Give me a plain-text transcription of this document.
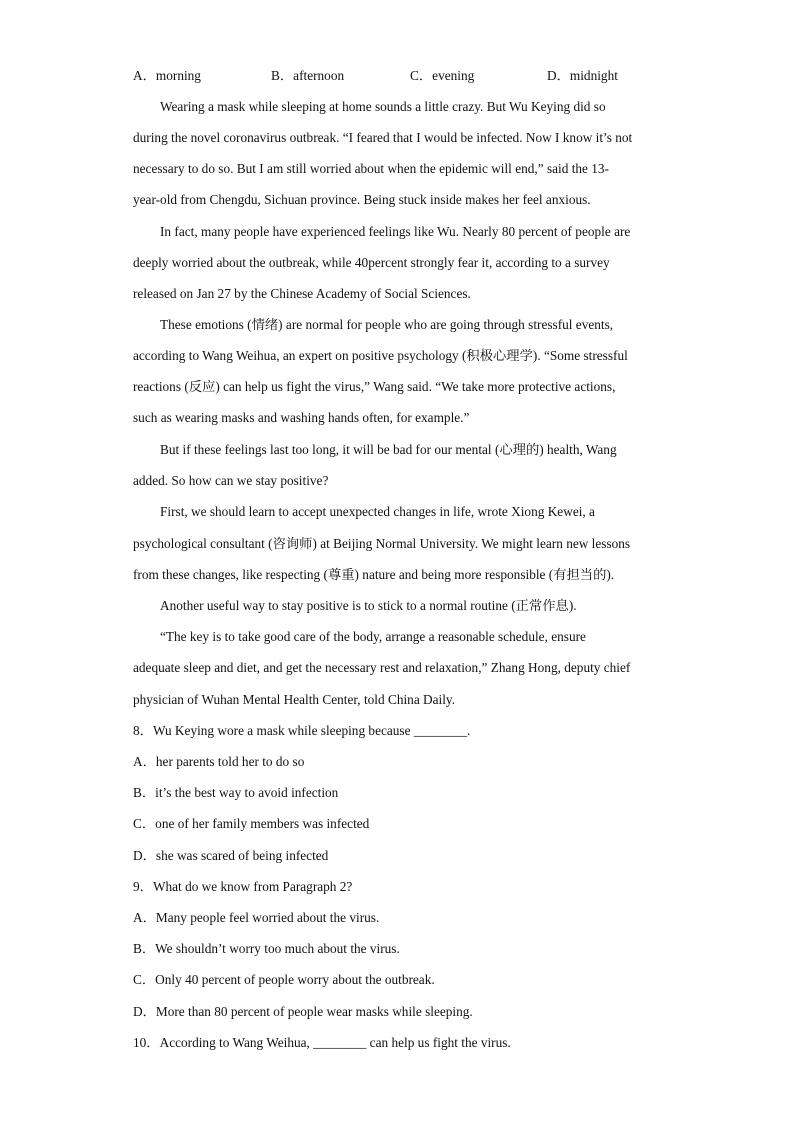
A．morning	B．afternoon	C．evening	D．midnight
Wearing a mask while sleeping at home sounds a little crazy. But Wu Keying did so
during the novel coronavirus outbreak. “I feared that I would be infected. Now I know it’s not
necessary to do so. But I am still worried about when the epidemic will end,” said the 13-
year-old from Chengdu, Sichuan province. Being stuck inside makes her feel anxious.
In fact, many people have experienced feelings like Wu. Nearly 80 percent of people are
deeply worried about the outbreak, while 40percent strongly fear it, according to a survey
released on Jan 27 by the Chinese Academy of Social Sciences.
These emotions (情绪) are normal for people who are going through stressful events,
according to Wang Weihua, an expert on positive psychology (积极心理学). “Some stressful
reactions (反应) can help us fight the virus,” Wang said. “We take more protective actions,
such as wearing masks and washing hands often, for example.”
But if these feelings last too long, it will be bad for our mental (心理的) health, Wang
added. So how can we stay positive?
First, we should learn to accept unexpected changes in life, wrote Xiong Kewei, a
psychological consultant (咨询师) at Beijing Normal University. We might learn new lessons
from these changes, like respecting (尊重) nature and being more responsible (有担当的).
Another useful way to stay positive is to stick to a normal routine (正常作息).
“The key is to take good care of the body, arrange a reasonable schedule, ensure
adequate sleep and diet, and get the necessary rest and relaxation,” Zhang Hong, deputy chief
physician of Wuhan Mental Health Center, told China Daily.
8．Wu Keying wore a mask while sleeping because ________.
A．her parents told her to do so
B．it’s the best way to avoid infection
C．one of her family members was infected
D．she was scared of being infected
9．What do we know from Paragraph 2?
A．Many people feel worried about the virus.
B．We shouldn’t worry too much about the virus.
C．Only 40 percent of people worry about the outbreak.
D．More than 80 percent of people wear masks while sleeping.
10．According to Wang Weihua, ________ can help us fight the virus.
